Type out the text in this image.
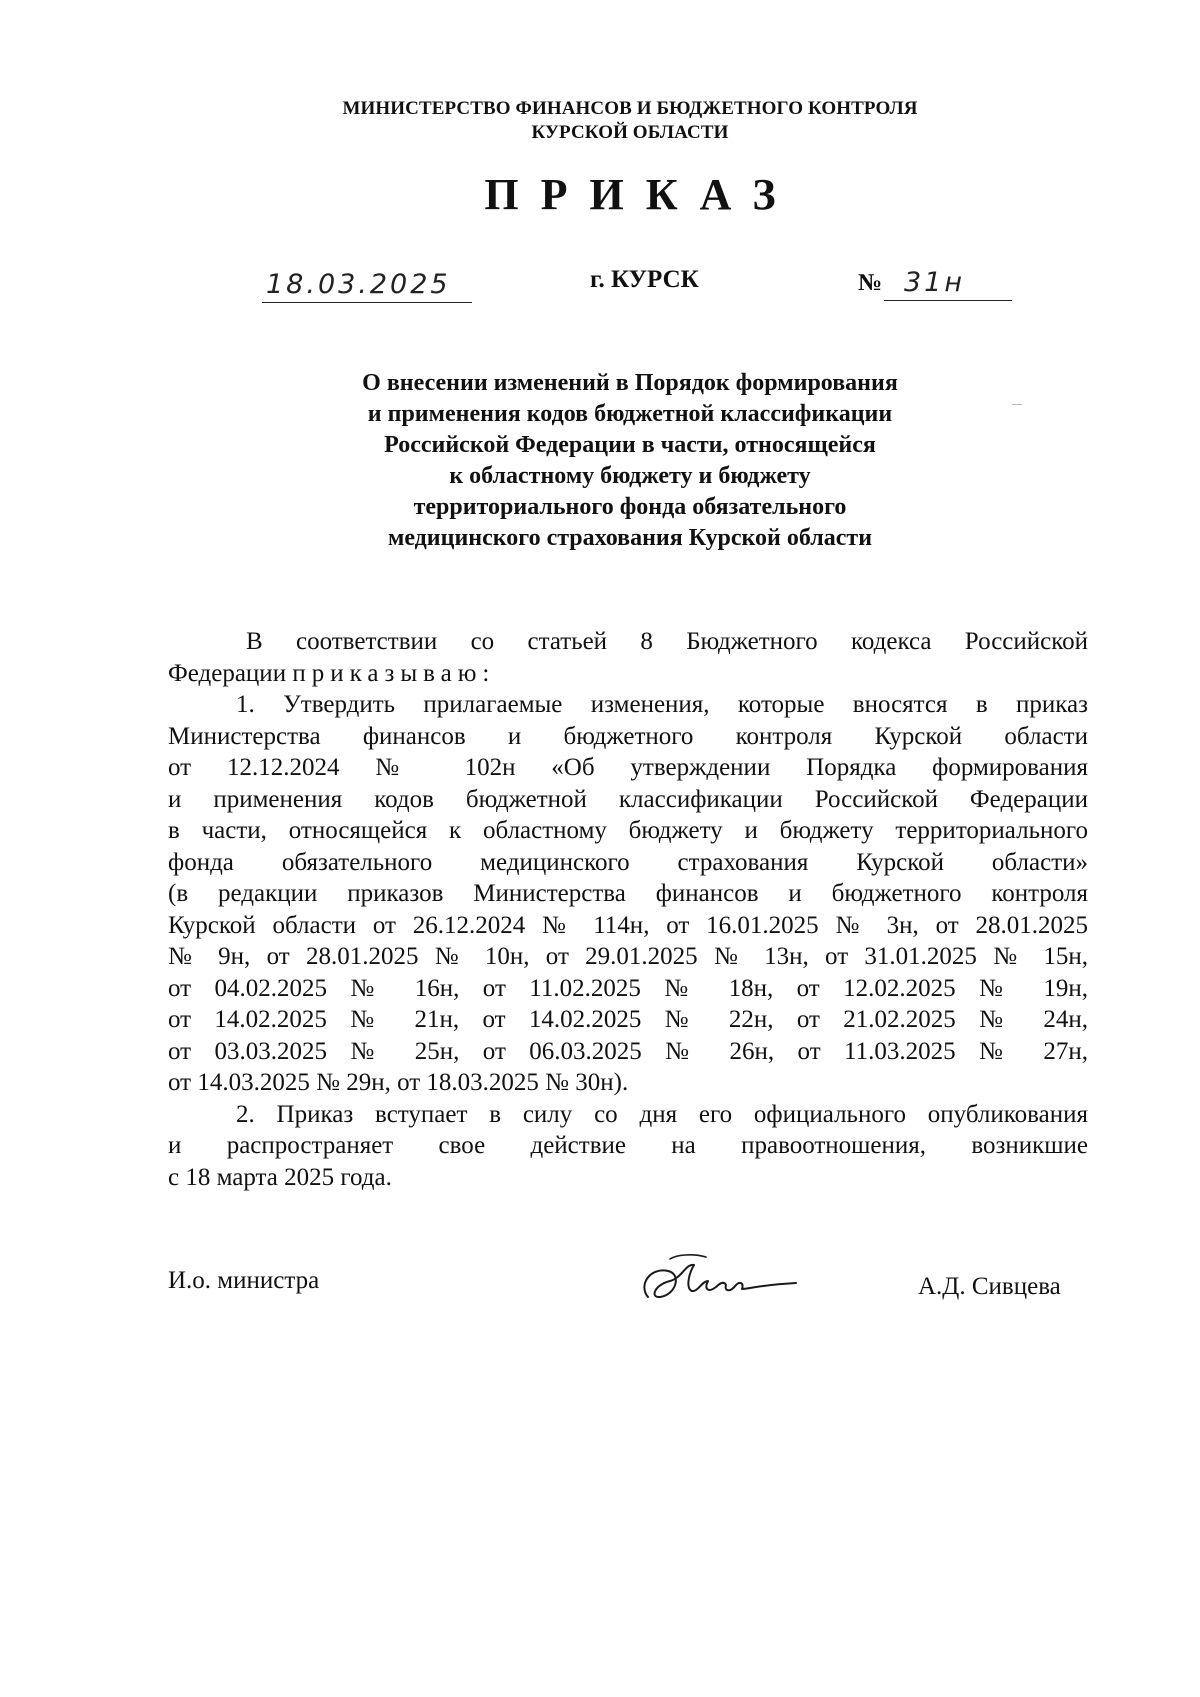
МИНИСТЕРСТВО ФИНАНСОВ И БЮДЖЕТНОГО КОНТРОЛЯ
КУРСКОЙ ОБЛАСТИ
ПРИКАЗ
18.03.2025	г. КУРСК	№ 31н
О внесении изменений в Порядок формирования
и применения кодов бюджетной классификации
Российской Федерации в части, относящейся
к областному бюджету и бюджету
территориального фонда обязательного
медицинского страхования Курской области
В соответствии со статьей 8 Бюджетного кодекса Российской
Федерации приказываю:
1. Утвердить прилагаемые изменения, которые вносятся в приказ
Министерства финансов и бюджетного контроля Курской области
от 12.12.2024 № 102н «Об утверждении Порядка формирования
и применения кодов бюджетной классификации Российской Федерации
в части, относящейся к областному бюджету и бюджету территориального
фонда обязательного медицинского страхования Курской области»
(в редакции приказов Министерства финансов и бюджетного контроля
Курской области от 26.12.2024 № 114н, от 16.01.2025 № 3н, от 28.01.2025
№ 9н, от 28.01.2025 № 10н, от 29.01.2025 № 13н, от 31.01.2025 № 15н,
от 04.02.2025 № 16н, от 11.02.2025 № 18н, от 12.02.2025 № 19н,
от 14.02.2025 № 21н, от 14.02.2025 № 22н, от 21.02.2025 № 24н,
от 03.03.2025 № 25н, от 06.03.2025 № 26н, от 11.03.2025 № 27н,
от 14.03.2025 № 29н, от 18.03.2025 № 30н).
2. Приказ вступает в силу со дня его официального опубликования
и распространяет свое действие на правоотношения, возникшие
с 18 марта 2025 года.
И.о. министра	А.Д. Сивцева
